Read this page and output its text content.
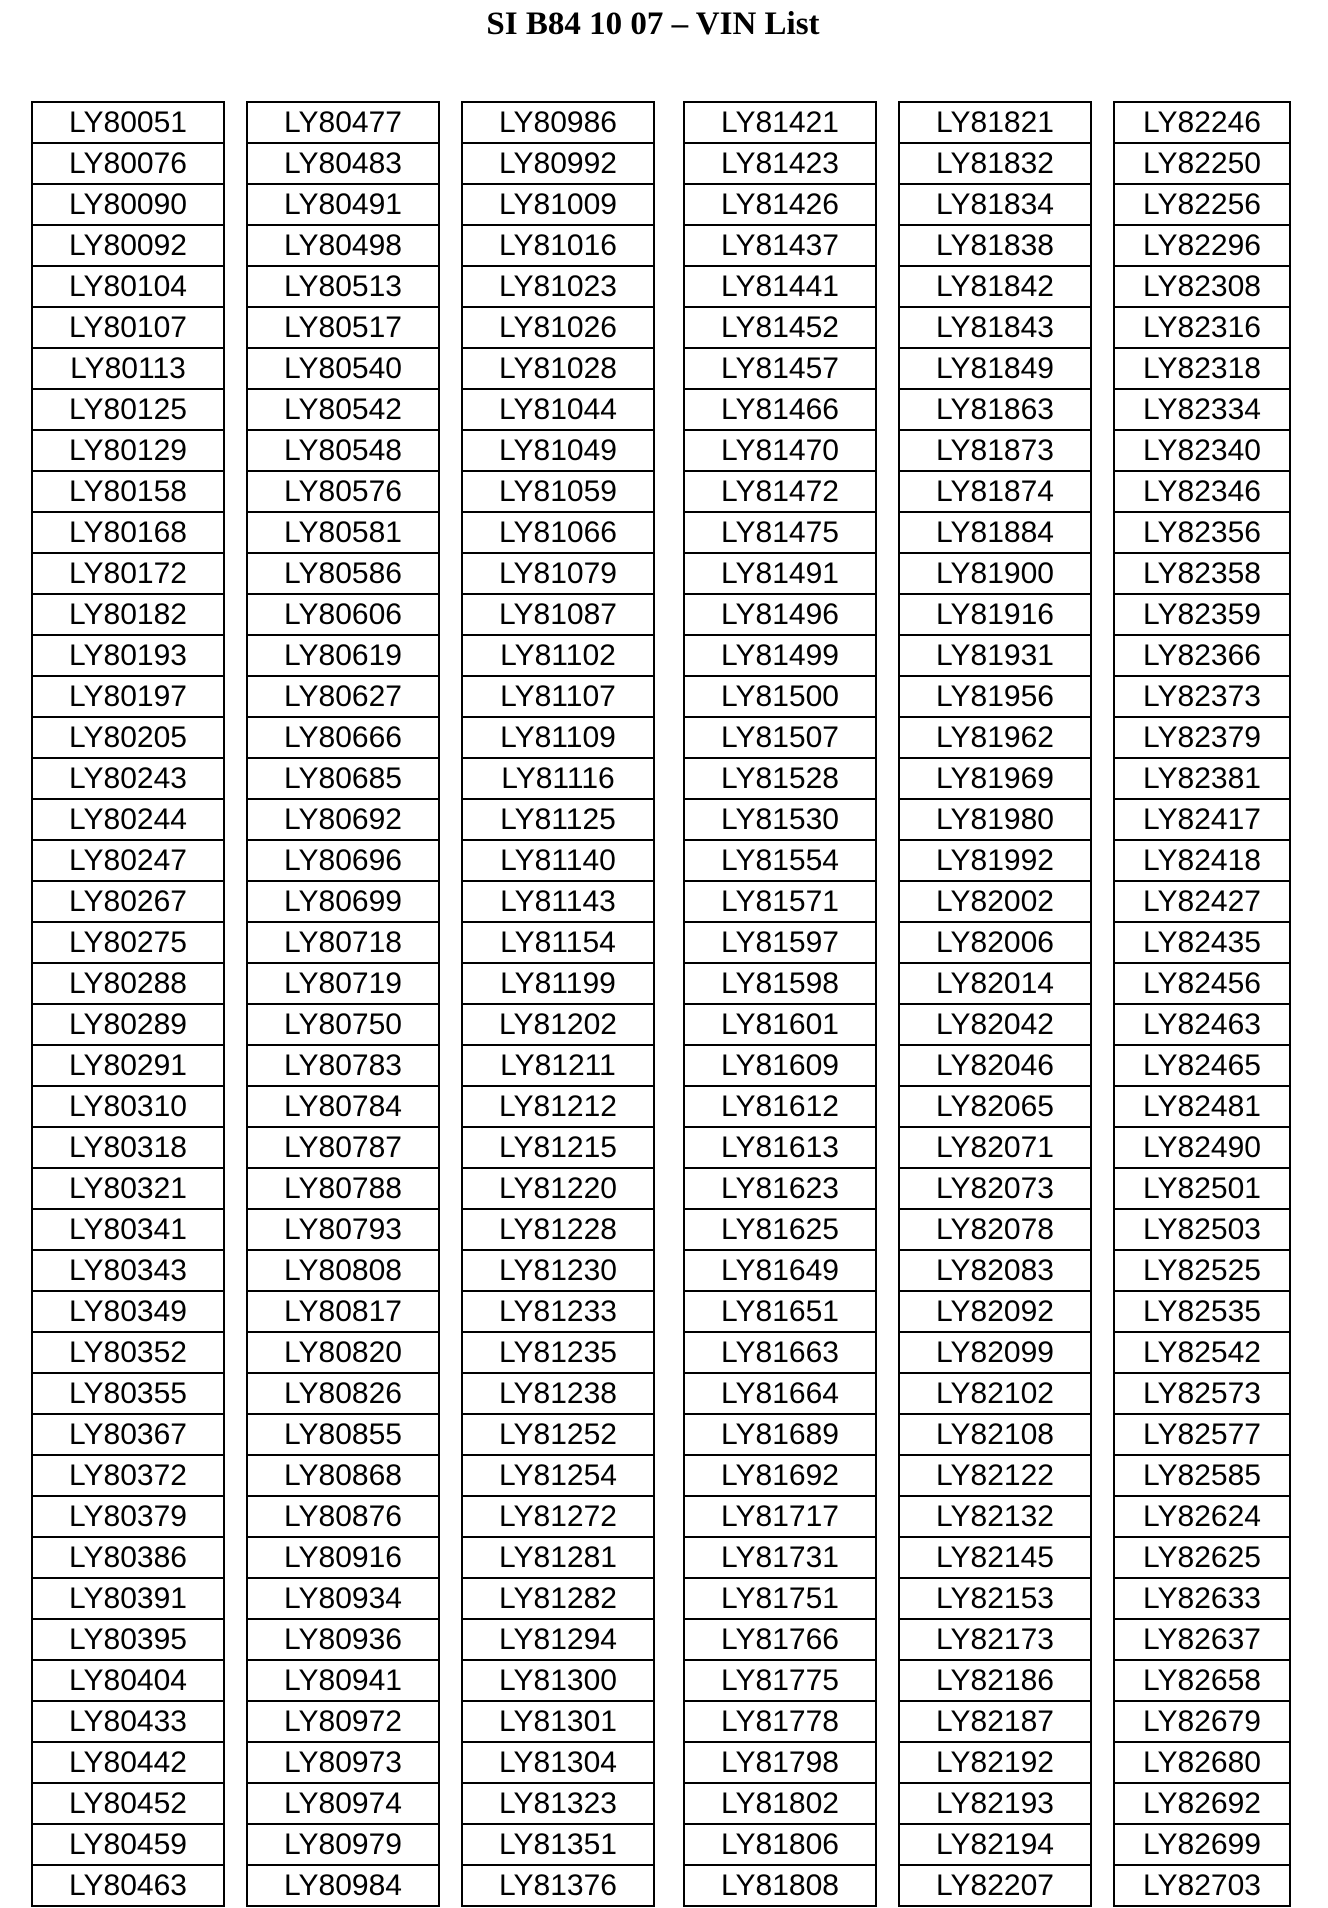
SI B84 10 07 – VIN List
LY80051		LY80477		LY80986		LY81421		LY81821		LY82246
LY80076		LY80483		LY80992		LY81423		LY81832		LY82250
LY80090		LY80491		LY81009		LY81426		LY81834		LY82256
LY80092		LY80498		LY81016		LY81437		LY81838		LY82296
LY80104		LY80513		LY81023		LY81441		LY81842		LY82308
LY80107		LY80517		LY81026		LY81452		LY81843		LY82316
LY80113		LY80540		LY81028		LY81457		LY81849		LY82318
LY80125		LY80542		LY81044		LY81466		LY81863		LY82334
LY80129		LY80548		LY81049		LY81470		LY81873		LY82340
LY80158		LY80576		LY81059		LY81472		LY81874		LY82346
LY80168		LY80581		LY81066		LY81475		LY81884		LY82356
LY80172		LY80586		LY81079		LY81491		LY81900		LY82358
LY80182		LY80606		LY81087		LY81496		LY81916		LY82359
LY80193		LY80619		LY81102		LY81499		LY81931		LY82366
LY80197		LY80627		LY81107		LY81500		LY81956		LY82373
LY80205		LY80666		LY81109		LY81507		LY81962		LY82379
LY80243		LY80685		LY81116		LY81528		LY81969		LY82381
LY80244		LY80692		LY81125		LY81530		LY81980		LY82417
LY80247		LY80696		LY81140		LY81554		LY81992		LY82418
LY80267		LY80699		LY81143		LY81571		LY82002		LY82427
LY80275		LY80718		LY81154		LY81597		LY82006		LY82435
LY80288		LY80719		LY81199		LY81598		LY82014		LY82456
LY80289		LY80750		LY81202		LY81601		LY82042		LY82463
LY80291		LY80783		LY81211		LY81609		LY82046		LY82465
LY80310		LY80784		LY81212		LY81612		LY82065		LY82481
LY80318		LY80787		LY81215		LY81613		LY82071		LY82490
LY80321		LY80788		LY81220		LY81623		LY82073		LY82501
LY80341		LY80793		LY81228		LY81625		LY82078		LY82503
LY80343		LY80808		LY81230		LY81649		LY82083		LY82525
LY80349		LY80817		LY81233		LY81651		LY82092		LY82535
LY80352		LY80820		LY81235		LY81663		LY82099		LY82542
LY80355		LY80826		LY81238		LY81664		LY82102		LY82573
LY80367		LY80855		LY81252		LY81689		LY82108		LY82577
LY80372		LY80868		LY81254		LY81692		LY82122		LY82585
LY80379		LY80876		LY81272		LY81717		LY82132		LY82624
LY80386		LY80916		LY81281		LY81731		LY82145		LY82625
LY80391		LY80934		LY81282		LY81751		LY82153		LY82633
LY80395		LY80936		LY81294		LY81766		LY82173		LY82637
LY80404		LY80941		LY81300		LY81775		LY82186		LY82658
LY80433		LY80972		LY81301		LY81778		LY82187		LY82679
LY80442		LY80973		LY81304		LY81798		LY82192		LY82680
LY80452		LY80974		LY81323		LY81802		LY82193		LY82692
LY80459		LY80979		LY81351		LY81806		LY82194		LY82699
LY80463		LY80984		LY81376		LY81808		LY82207		LY82703
